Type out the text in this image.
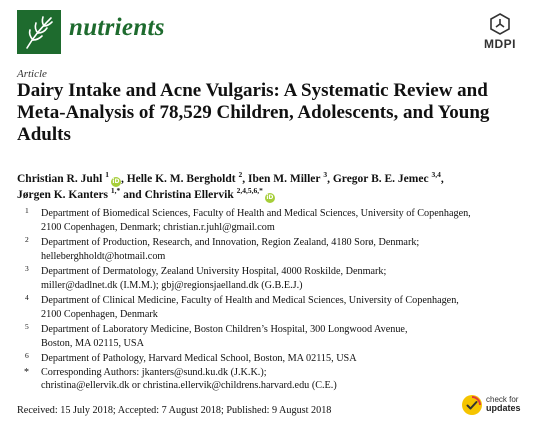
nutrients
MDPI
Article
Dairy Intake and Acne Vulgaris: A Systematic Review and Meta-Analysis of 78,529 Children, Adolescents, and Young Adults
Christian R. Juhl $^1$iD, Helle K. M. Bergholdt $^2$, Iben M. Miller $^3$, Gregor B. E. Jemec $^{3,4}$,
Jørgen K. Kanters $^{1,*}$ and Christina Ellervik $^{2,4,5,6,*}$iD
1 Department of Biomedical Sciences, Faculty of Health and Medical Sciences, University of Copenhagen,
2100 Copenhagen, Denmark; christian.r.juhl@gmail.com
2 Department of Production, Research, and Innovation, Region Zealand, 4180 Sorø, Denmark;
helleberghholdt@hotmail.com
3 Department of Dermatology, Zealand University Hospital, 4000 Roskilde, Denmark;
miller@dadlnet.dk (I.M.M.); gbj@regionsjaelland.dk (G.B.E.J.)
4 Department of Clinical Medicine, Faculty of Health and Medical Sciences, University of Copenhagen,
2100 Copenhagen, Denmark
5 Department of Laboratory Medicine, Boston Children’s Hospital, 300 Longwood Avenue,
Boston, MA 02115, USA
6 Department of Pathology, Harvard Medical School, Boston, MA 02115, USA
* Corresponding Authors: jkanters@sund.ku.dk (J.K.K.);
christina@ellervik.dk or christina.ellervik@childrens.harvard.edu (C.E.)
Received: 15 July 2018; Accepted: 7 August 2018; Published: 9 August 2018
check for
updates
